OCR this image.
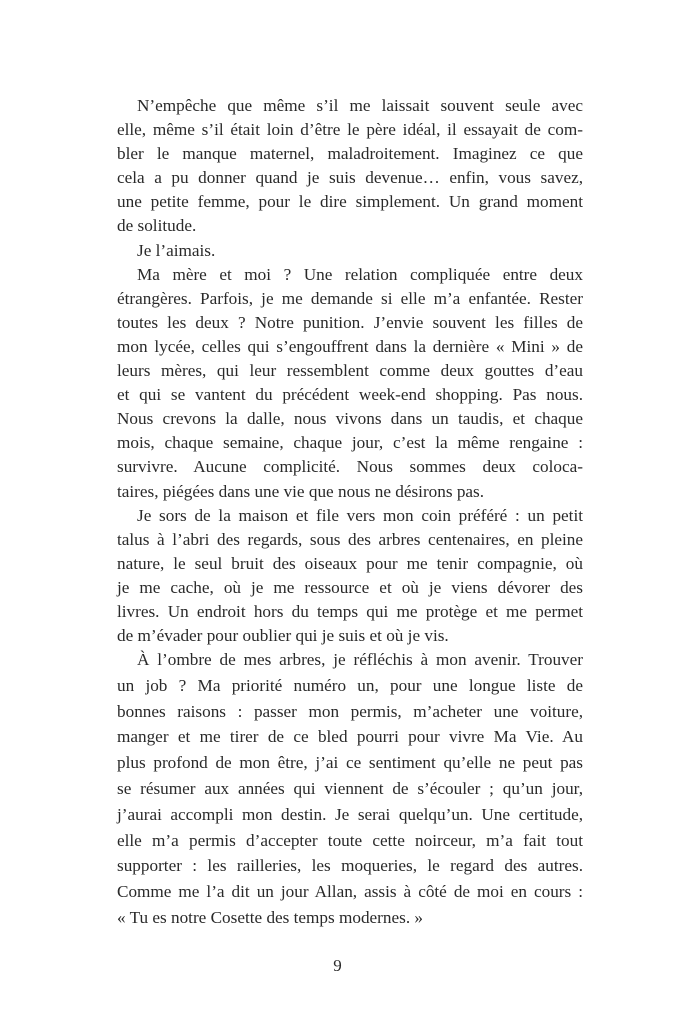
N’empêche que même s’il me laissait souvent seule avec
elle, même s’il était loin d’être le père idéal, il essayait de com-
bler le manque maternel, maladroitement. Imaginez ce que
cela a pu donner quand je suis devenue… enfin, vous savez,
une petite femme, pour le dire simplement. Un grand moment
de solitude.
Je l’aimais.
Ma mère et moi ? Une relation compliquée entre deux
étrangères. Parfois, je me demande si elle m’a enfantée. Rester
toutes les deux ? Notre punition. J’envie souvent les filles de
mon lycée, celles qui s’engouffrent dans la dernière « Mini » de
leurs mères, qui leur ressemblent comme deux gouttes d’eau
et qui se vantent du précédent week-end shopping. Pas nous.
Nous crevons la dalle, nous vivons dans un taudis, et chaque
mois, chaque semaine, chaque jour, c’est la même rengaine :
survivre. Aucune complicité. Nous sommes deux coloca-
taires, piégées dans une vie que nous ne désirons pas.
Je sors de la maison et file vers mon coin préféré : un petit
talus à l’abri des regards, sous des arbres centenaires, en pleine
nature, le seul bruit des oiseaux pour me tenir compagnie, où
je me cache, où je me ressource et où je viens dévorer des
livres. Un endroit hors du temps qui me protège et me permet
de m’évader pour oublier qui je suis et où je vis.
À l’ombre de mes arbres, je réfléchis à mon avenir. Trouver
un job ? Ma priorité numéro un, pour une longue liste de
bonnes raisons : passer mon permis, m’acheter une voiture,
manger et me tirer de ce bled pourri pour vivre Ma Vie. Au
plus profond de mon être, j’ai ce sentiment qu’elle ne peut pas
se résumer aux années qui viennent de s’écouler ; qu’un jour,
j’aurai accompli mon destin. Je serai quelqu’un. Une certitude,
elle m’a permis d’accepter toute cette noirceur, m’a fait tout
supporter : les railleries, les moqueries, le regard des autres.
Comme me l’a dit un jour Allan, assis à côté de moi en cours :
« Tu es notre Cosette des temps modernes. »
9
